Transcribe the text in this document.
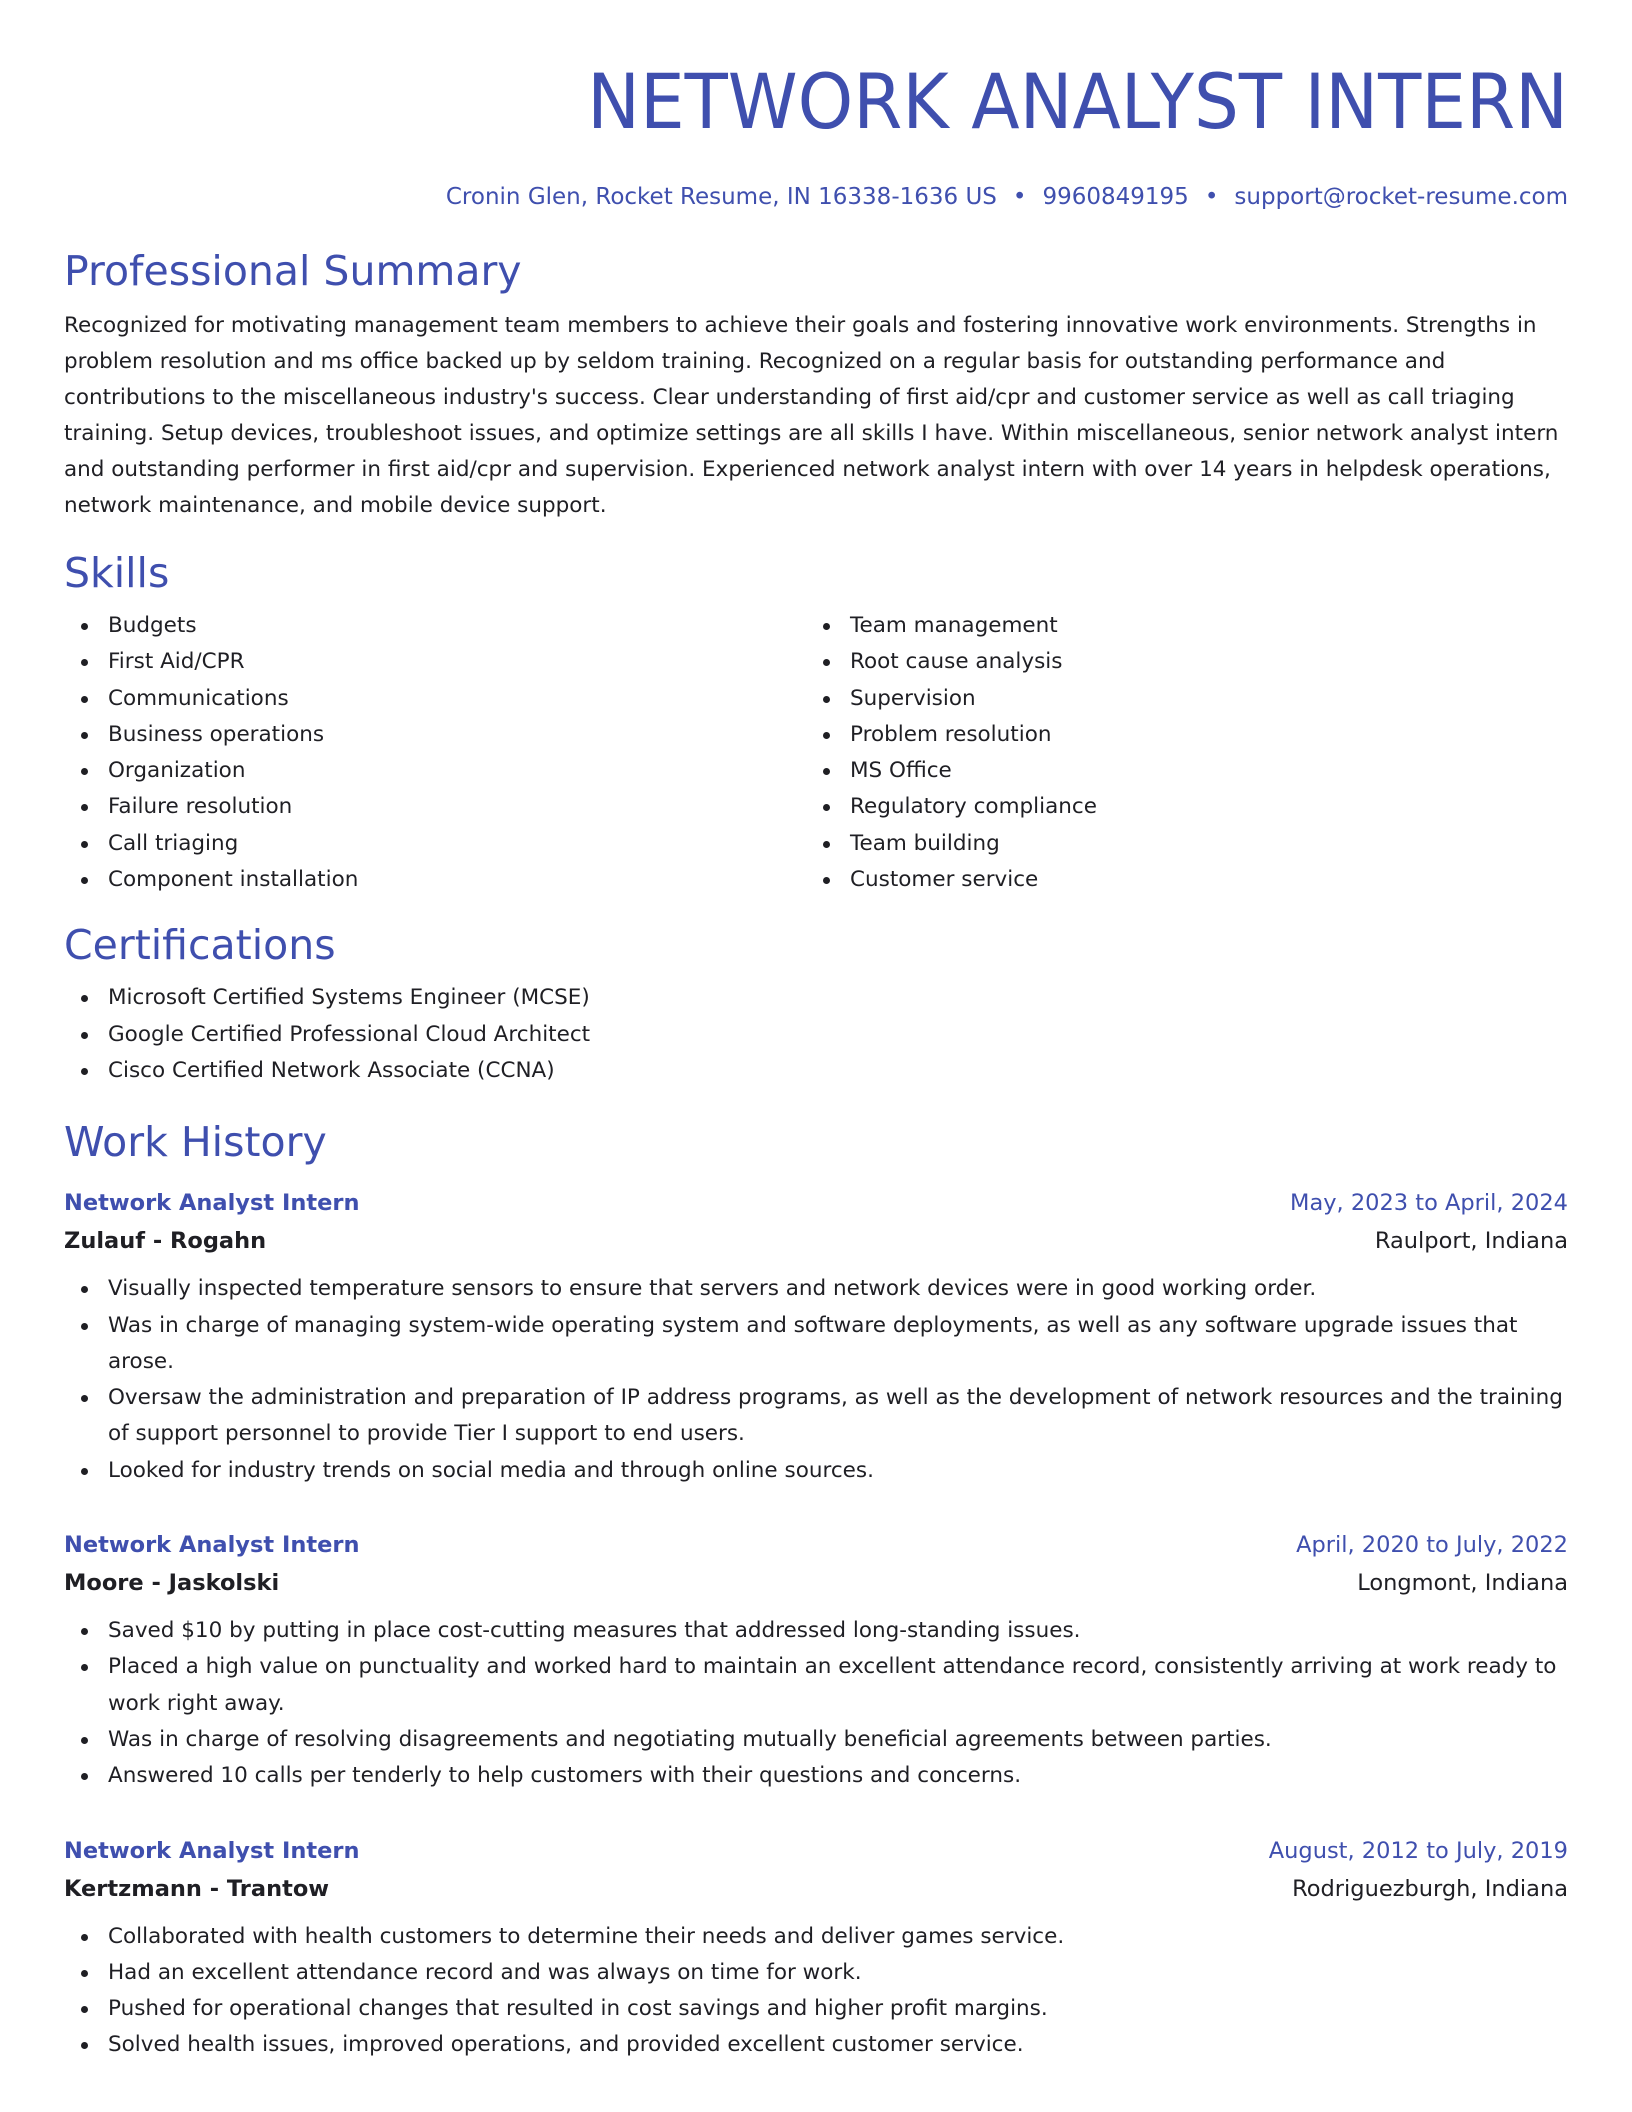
NETWORK ANALYST INTERN
Cronin Glen, Rocket Resume, IN 16338-1636 US • 9960849195 • support@rocket-resume.com
Professional Summary

Recognized for motivating management team members to achieve their goals and fostering innovative work environments. Strengths in problem resolution and ms office backed up by seldom training. Recognized on a regular basis for outstanding performance and contributions to the miscellaneous industry's success. Clear understanding of first aid/cpr and customer service as well as call triaging training. Setup devices, troubleshoot issues, and optimize settings are all skills I have. Within miscellaneous, senior network analyst intern and outstanding performer in first aid/cpr and supervision. Experienced network analyst intern with over 14 years in helpdesk operations, network maintenance, and mobile device support.

Skills
Budgets
First Aid/CPR
Communications
Business operations
Organization
Failure resolution
Call triaging
Component installation
Team management
Root cause analysis
Supervision
Problem resolution
MS Office
Regulatory compliance
Team building
Customer service
Certifications
Microsoft Certified Systems Engineer (MCSE)
Google Certified Professional Cloud Architect
Cisco Certified Network Associate (CCNA)
Work History
Network Analyst Intern	May, 2023 to April, 2024
Zulauf - Rogahn	Raulport, Indiana
Visually inspected temperature sensors to ensure that servers and network devices were in good working order.
Was in charge of managing system-wide operating system and software deployments, as well as any software upgrade issues that arose.
Oversaw the administration and preparation of IP address programs, as well as the development of network resources and the training of support personnel to provide Tier I support to end users.
Looked for industry trends on social media and through online sources.
Network Analyst Intern	April, 2020 to July, 2022
Moore - Jaskolski	Longmont, Indiana
Saved $10 by putting in place cost-cutting measures that addressed long-standing issues.
Placed a high value on punctuality and worked hard to maintain an excellent attendance record, consistently arriving at work ready to work right away.
Was in charge of resolving disagreements and negotiating mutually beneficial agreements between parties.
Answered 10 calls per tenderly to help customers with their questions and concerns.
Network Analyst Intern	August, 2012 to July, 2019
Kertzmann - Trantow	Rodriguezburgh, Indiana
Collaborated with health customers to determine their needs and deliver games service.
Had an excellent attendance record and was always on time for work.
Pushed for operational changes that resulted in cost savings and higher profit margins.
Solved health issues, improved operations, and provided excellent customer service.
